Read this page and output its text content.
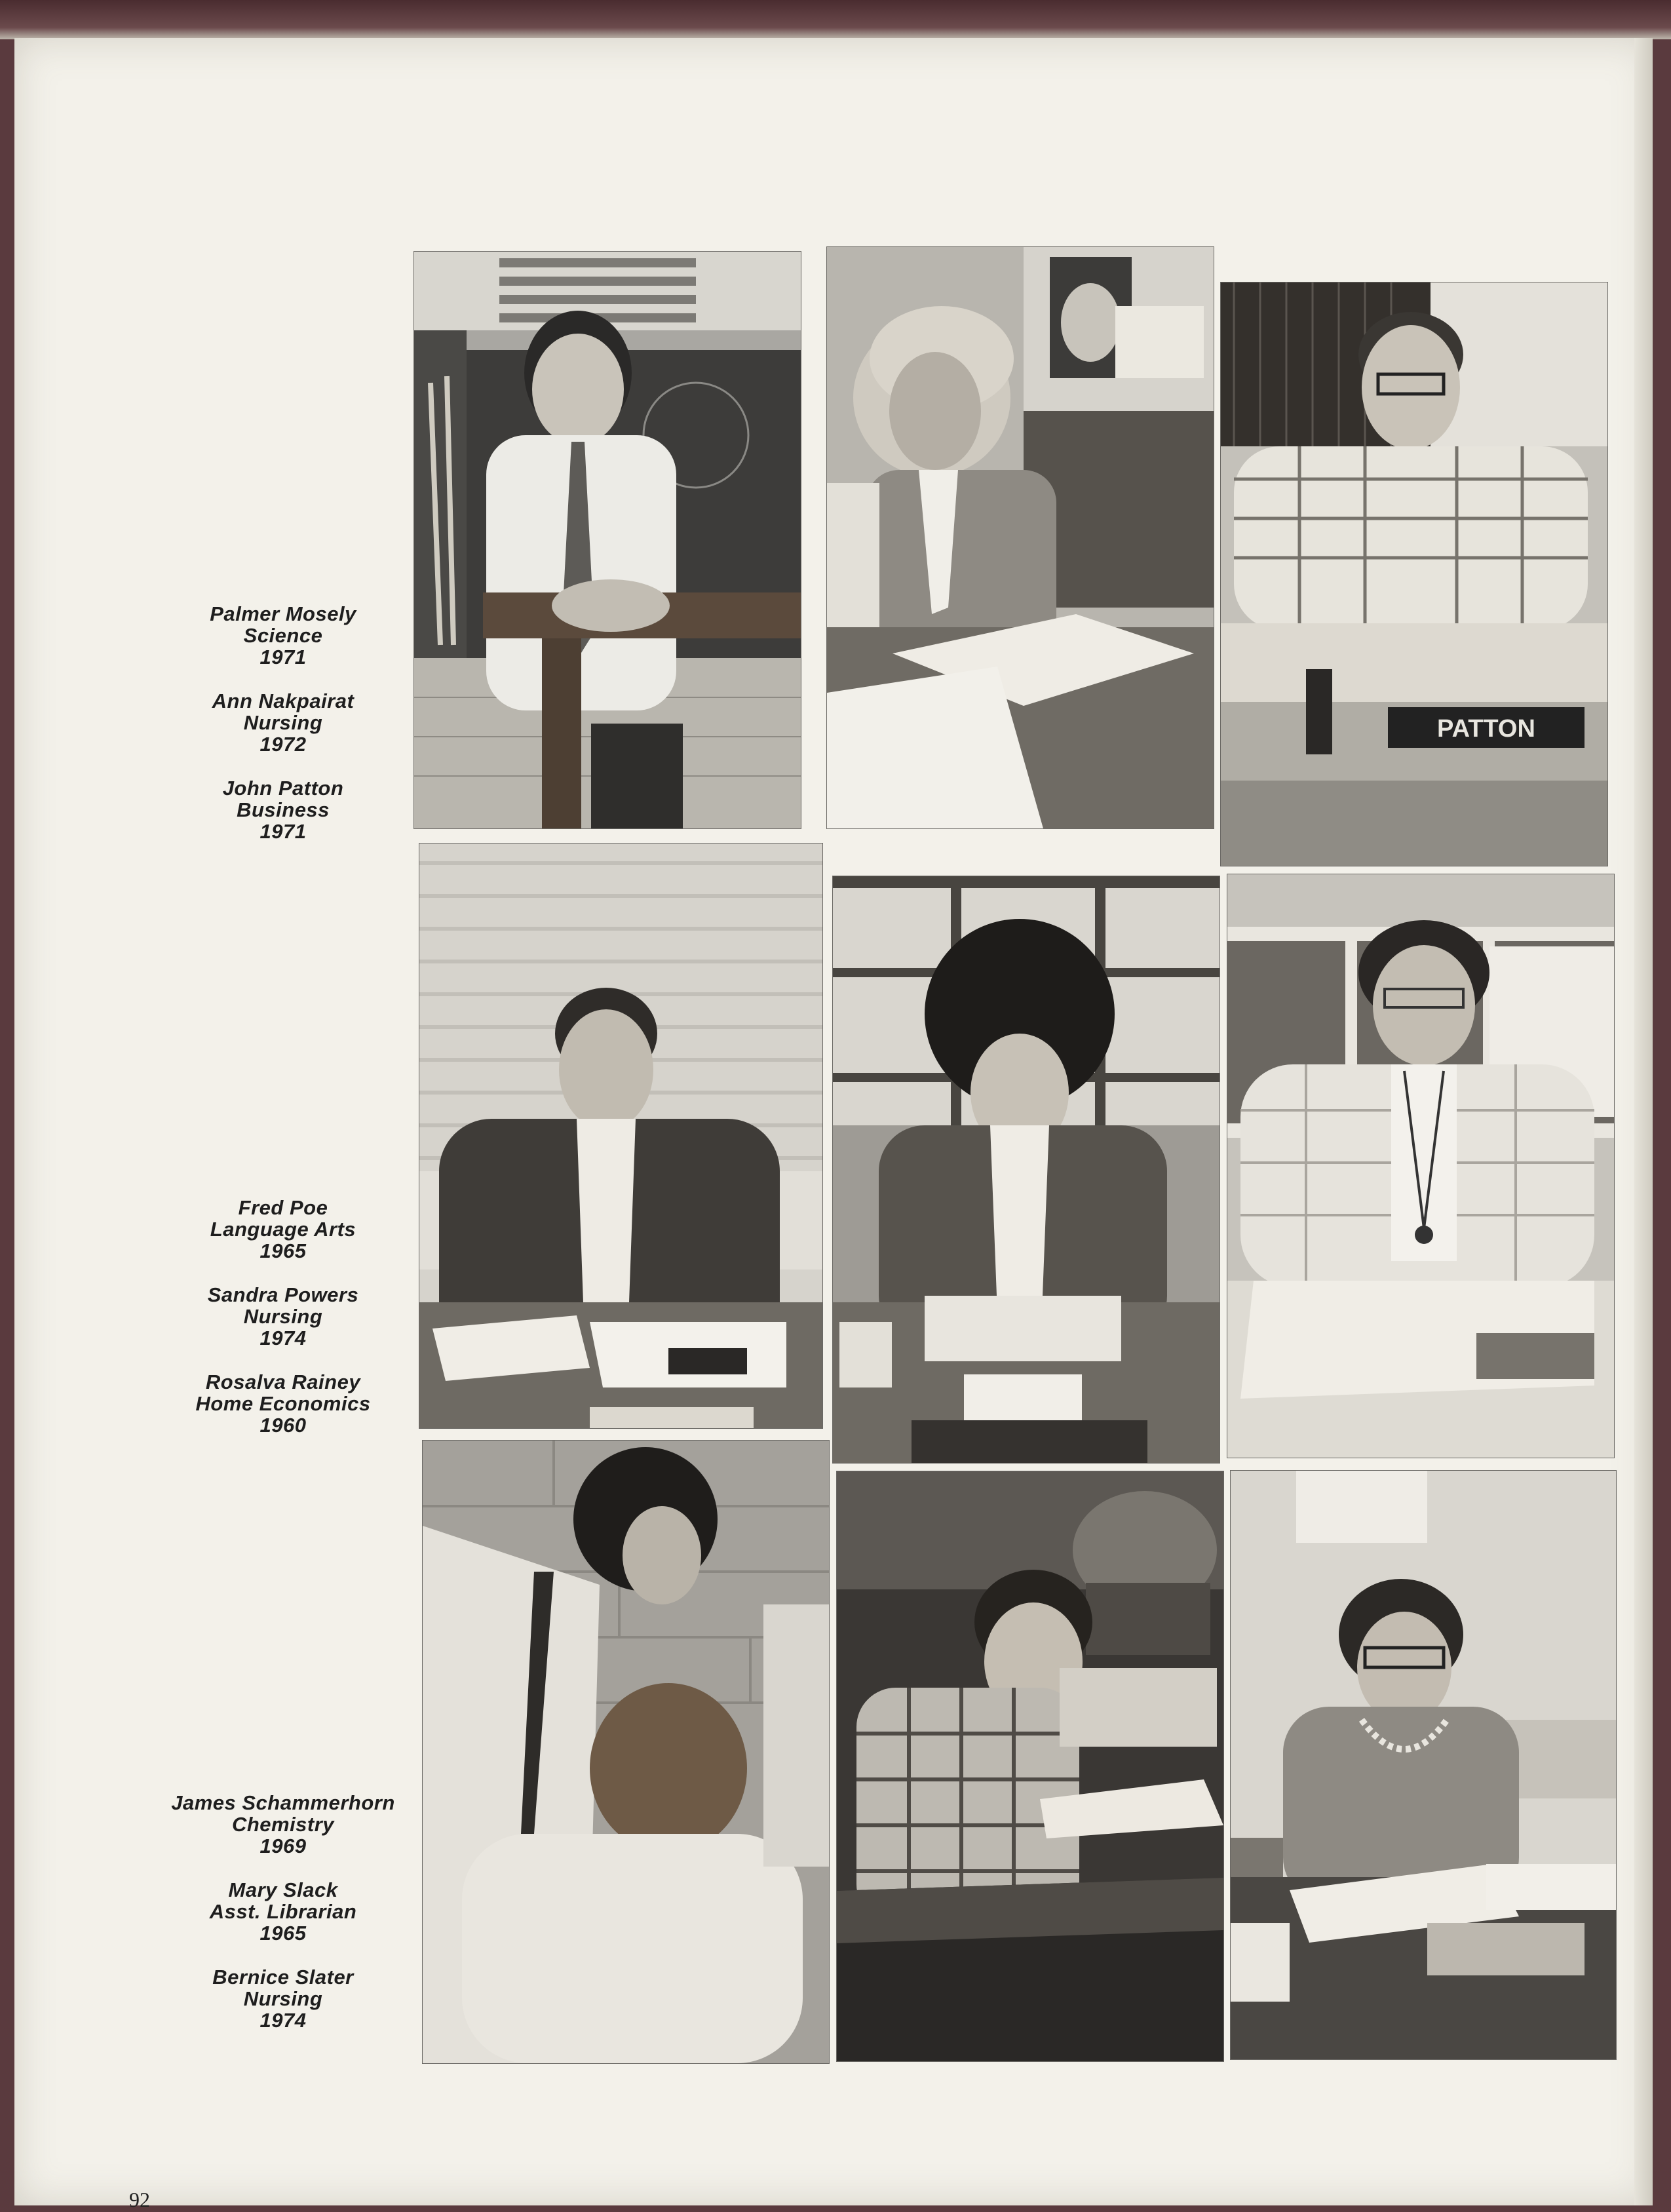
Palmer Mosely
Science
1971
Ann Nakpairat
Nursing
1972
John Patton
Business
1971
Fred Poe
Language Arts
1965
Sandra Powers
Nursing
1974
Rosalva Rainey
Home Economics
1960
James Schammerhorn
Chemistry
1969
Mary Slack
Asst. Librarian
1965
Bernice Slater
Nursing
1974
PATTON
92
